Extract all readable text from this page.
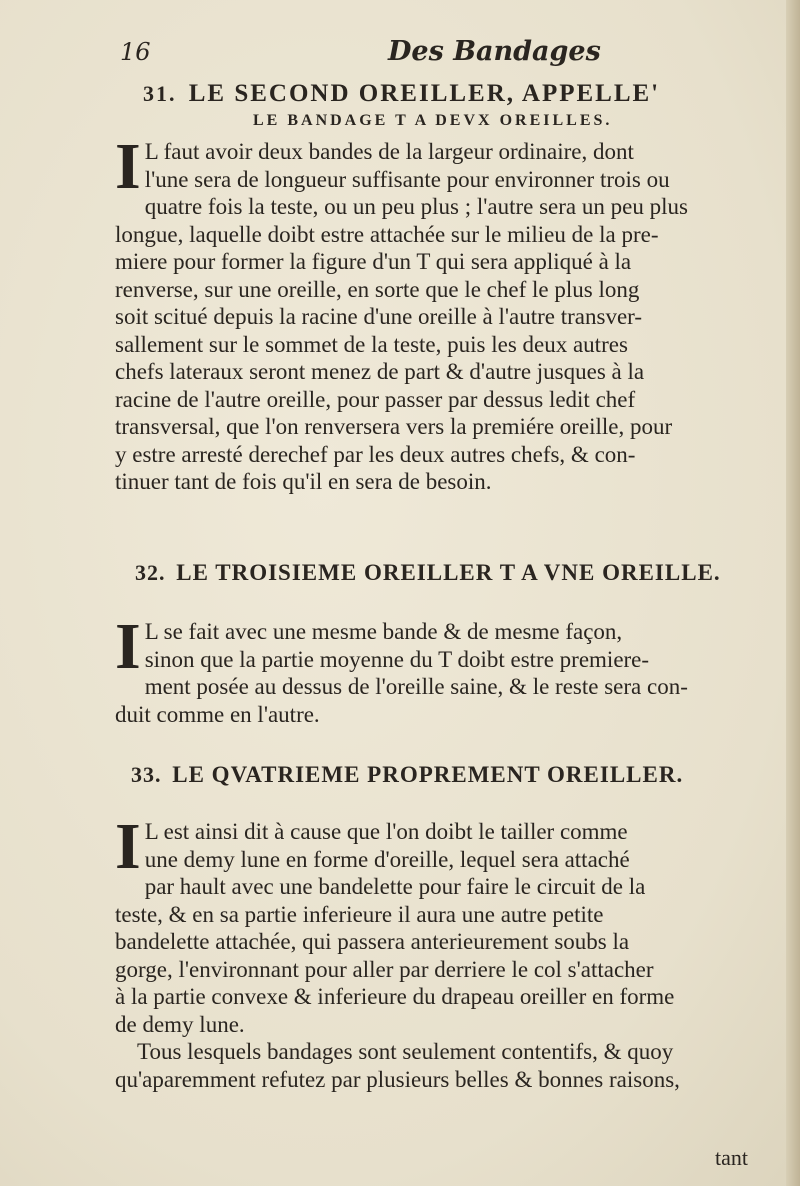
16	Des Bandages
31. LE SECOND OREILLER, APPELLE'
LE BANDAGE T A DEVX OREILLES.
I L faut avoir deux bandes de la largeur ordinaire, dont
l'une sera de longueur suffisante pour environner trois ou
quatre fois la teste, ou un peu plus ; l'autre sera un peu plus
longue, laquelle doibt estre attachée sur le milieu de la pre-
miere pour former la figure d'un T qui sera appliqué à la
renverse, sur une oreille, en sorte que le chef le plus long
soit scitué depuis la racine d'une oreille à l'autre transver-
sallement sur le sommet de la teste, puis les deux autres
chefs lateraux seront menez de part & d'autre jusques à la
racine de l'autre oreille, pour passer par dessus ledit chef
transversal, que l'on renversera vers la premiére oreille, pour
y estre arresté derechef par les deux autres chefs, & con-
tinuer tant de fois qu'il en sera de besoin.
32. LE TROISIEME OREILLER T A VNE OREILLE.
I L se fait avec une mesme bande & de mesme façon,
sinon que la partie moyenne du T doibt estre premiere-
ment posée au dessus de l'oreille saine, & le reste sera con-
duit comme en l'autre.
33. LE QVATRIEME PROPREMENT OREILLER.
I L est ainsi dit à cause que l'on doibt le tailler comme
une demy lune en forme d'oreille, lequel sera attaché
par hault avec une bandelette pour faire le circuit de la
teste, & en sa partie inferieure il aura une autre petite
bandelette attachée, qui passera anterieurement soubs la
gorge, l'environnant pour aller par derriere le col s'attacher
à la partie convexe & inferieure du drapeau oreiller en forme
de demy lune.
Tous lesquels bandages sont seulement contentifs, & quoy
qu'aparemment refutez par plusieurs belles & bonnes raisons,
tant
